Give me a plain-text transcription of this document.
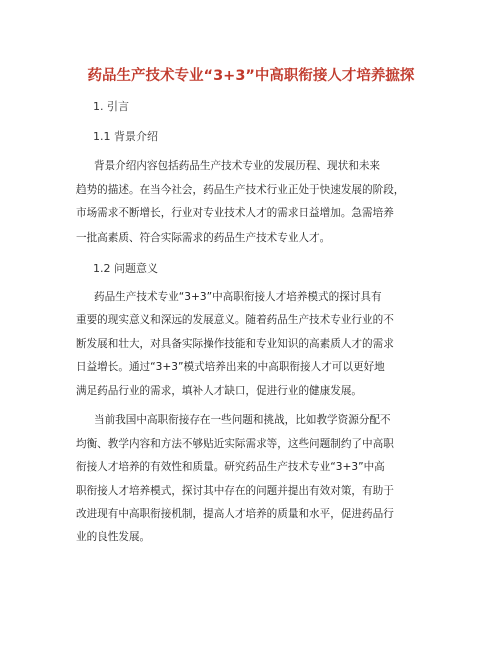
药品生产技术专业“3+3”中高职衔接人才培养摭探
1. 引言
1.1 背景介绍
背景介绍内容包括药品生产技术专业的发展历程、现状和未来
趋势的描述。在当今社会，药品生产技术行业正处于快速发展的阶段，
市场需求不断增长，行业对专业技术人才的需求日益增加。急需培养
一批高素质、符合实际需求的药品生产技术专业人才。
1.2 问题意义
药品生产技术专业“3+3”中高职衔接人才培养模式的探讨具有
重要的现实意义和深远的发展意义。随着药品生产技术专业行业的不
断发展和壮大，对具备实际操作技能和专业知识的高素质人才的需求
日益增长。通过“3+3”模式培养出来的中高职衔接人才可以更好地
满足药品行业的需求，填补人才缺口，促进行业的健康发展。
当前我国中高职衔接存在一些问题和挑战，比如教学资源分配不
均衡、教学内容和方法不够贴近实际需求等，这些问题制约了中高职
衔接人才培养的有效性和质量。研究药品生产技术专业“3+3”中高
职衔接人才培养模式，探讨其中存在的问题并提出有效对策，有助于
改进现有中高职衔接机制，提高人才培养的质量和水平，促进药品行
业的良性发展。
